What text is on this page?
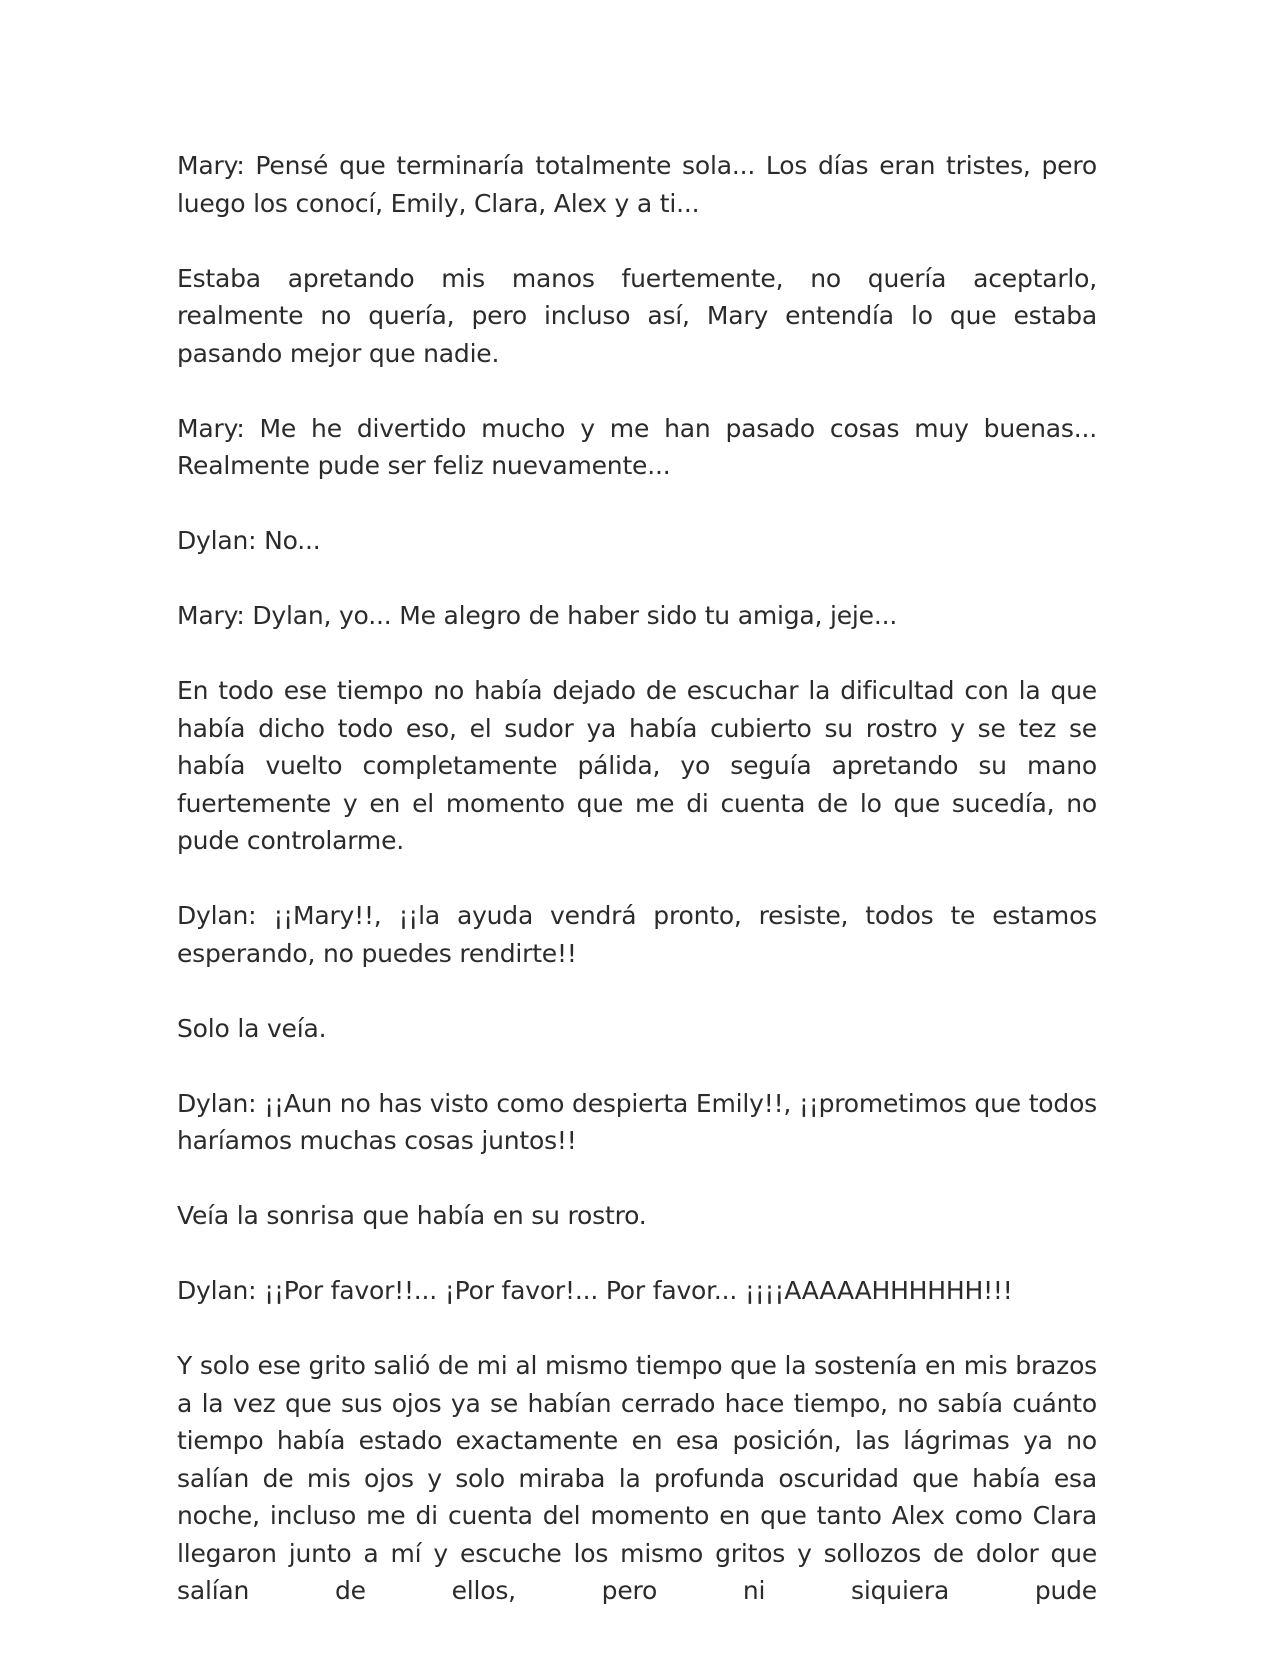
Mary: Pensé que terminaría totalmente sola... Los días eran tristes, pero luego los conocí, Emily, Clara, Alex y a ti...

Estaba apretando mis manos fuertemente, no quería aceptarlo, realmente no quería, pero incluso así, Mary entendía lo que estaba pasando mejor que nadie.

Mary: Me he divertido mucho y me han pasado cosas muy buenas... Realmente pude ser feliz nuevamente...

Dylan: No...

Mary: Dylan, yo... Me alegro de haber sido tu amiga, jeje...

En todo ese tiempo no había dejado de escuchar la dificultad con la que había dicho todo eso, el sudor ya había cubierto su rostro y se tez se había vuelto completamente pálida, yo seguía apretando su mano fuertemente y en el momento que me di cuenta de lo que sucedía, no pude controlarme.

Dylan: ¡¡Mary!!, ¡¡la ayuda vendrá pronto, resiste, todos te estamos esperando, no puedes rendirte!!

Solo la veía.

Dylan: ¡¡Aun no has visto como despierta Emily!!, ¡¡prometimos que todos haríamos muchas cosas juntos!!

Veía la sonrisa que había en su rostro.

Dylan: ¡¡Por favor!!... ¡Por favor!... Por favor... ¡¡¡¡AAAAAHHHHHH!!!

Y solo ese grito salió de mi al mismo tiempo que la sostenía en mis brazos a la vez que sus ojos ya se habían cerrado hace tiempo, no sabía cuánto tiempo había estado exactamente en esa posición, las lágrimas ya no salían de mis ojos y solo miraba la profunda oscuridad que había esa noche, incluso me di cuenta del momento en que tanto Alex como Clara llegaron junto a mí y escuche los mismo gritos y sollozos de dolor que salían de ellos, pero ni siquiera pude
